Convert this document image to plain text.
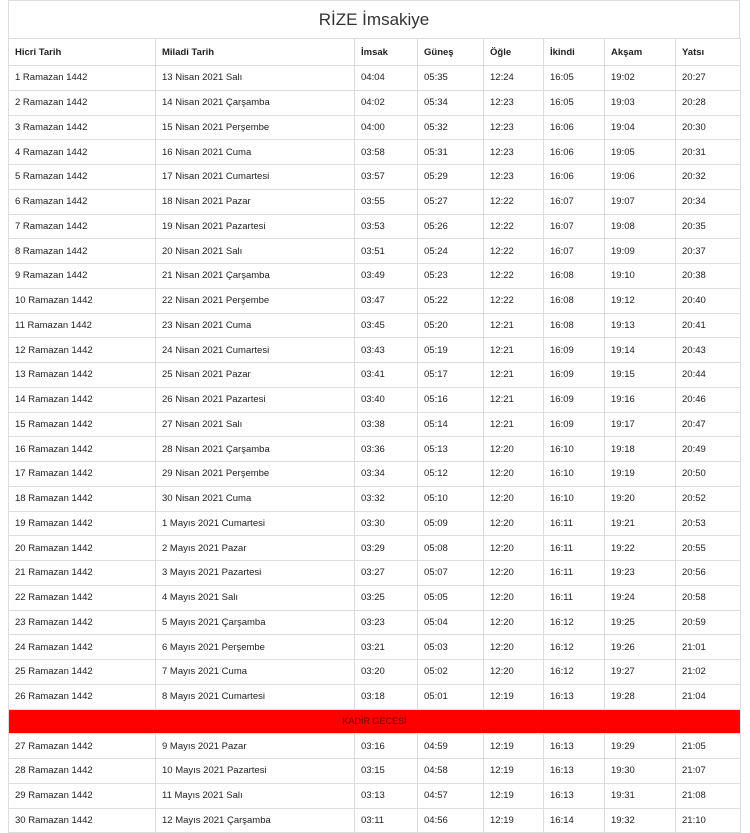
RİZE İmsakiye
Hicri Tarih	Miladi Tarih	İmsak	Güneş	Öğle	İkindi	Akşam	Yatsı
1 Ramazan 1442	13 Nisan 2021 Salı	04:04	05:35	12:24	16:05	19:02	20:27
2 Ramazan 1442	14 Nisan 2021 Çarşamba	04:02	05:34	12:23	16:05	19:03	20:28
3 Ramazan 1442	15 Nisan 2021 Perşembe	04:00	05:32	12:23	16:06	19:04	20:30
4 Ramazan 1442	16 Nisan 2021 Cuma	03:58	05:31	12:23	16:06	19:05	20:31
5 Ramazan 1442	17 Nisan 2021 Cumartesi	03:57	05:29	12:23	16:06	19:06	20:32
6 Ramazan 1442	18 Nisan 2021 Pazar	03:55	05:27	12:22	16:07	19:07	20:34
7 Ramazan 1442	19 Nisan 2021 Pazartesi	03:53	05:26	12:22	16:07	19:08	20:35
8 Ramazan 1442	20 Nisan 2021 Salı	03:51	05:24	12:22	16:07	19:09	20:37
9 Ramazan 1442	21 Nisan 2021 Çarşamba	03:49	05:23	12:22	16:08	19:10	20:38
10 Ramazan 1442	22 Nisan 2021 Perşembe	03:47	05:22	12:22	16:08	19:12	20:40
11 Ramazan 1442	23 Nisan 2021 Cuma	03:45	05:20	12:21	16:08	19:13	20:41
12 Ramazan 1442	24 Nisan 2021 Cumartesi	03:43	05:19	12:21	16:09	19:14	20:43
13 Ramazan 1442	25 Nisan 2021 Pazar	03:41	05:17	12:21	16:09	19:15	20:44
14 Ramazan 1442	26 Nisan 2021 Pazartesi	03:40	05:16	12:21	16:09	19:16	20:46
15 Ramazan 1442	27 Nisan 2021 Salı	03:38	05:14	12:21	16:09	19:17	20:47
16 Ramazan 1442	28 Nisan 2021 Çarşamba	03:36	05:13	12:20	16:10	19:18	20:49
17 Ramazan 1442	29 Nisan 2021 Perşembe	03:34	05:12	12:20	16:10	19:19	20:50
18 Ramazan 1442	30 Nisan 2021 Cuma	03:32	05:10	12:20	16:10	19:20	20:52
19 Ramazan 1442	1 Mayıs 2021 Cumartesi	03:30	05:09	12:20	16:11	19:21	20:53
20 Ramazan 1442	2 Mayıs 2021 Pazar	03:29	05:08	12:20	16:11	19:22	20:55
21 Ramazan 1442	3 Mayıs 2021 Pazartesi	03:27	05:07	12:20	16:11	19:23	20:56
22 Ramazan 1442	4 Mayıs 2021 Salı	03:25	05:05	12:20	16:11	19:24	20:58
23 Ramazan 1442	5 Mayıs 2021 Çarşamba	03:23	05:04	12:20	16:12	19:25	20:59
24 Ramazan 1442	6 Mayıs 2021 Perşembe	03:21	05:03	12:20	16:12	19:26	21:01
25 Ramazan 1442	7 Mayıs 2021 Cuma	03:20	05:02	12:20	16:12	19:27	21:02
26 Ramazan 1442	8 Mayıs 2021 Cumartesi	03:18	05:01	12:19	16:13	19:28	21:04
KADİR GECESİ							
27 Ramazan 1442	9 Mayıs 2021 Pazar	03:16	04:59	12:19	16:13	19:29	21:05
28 Ramazan 1442	10 Mayıs 2021 Pazartesi	03:15	04:58	12:19	16:13	19:30	21:07
29 Ramazan 1442	11 Mayıs 2021 Salı	03:13	04:57	12:19	16:13	19:31	21:08
30 Ramazan 1442	12 Mayıs 2021 Çarşamba	03:11	04:56	12:19	16:14	19:32	21:10
